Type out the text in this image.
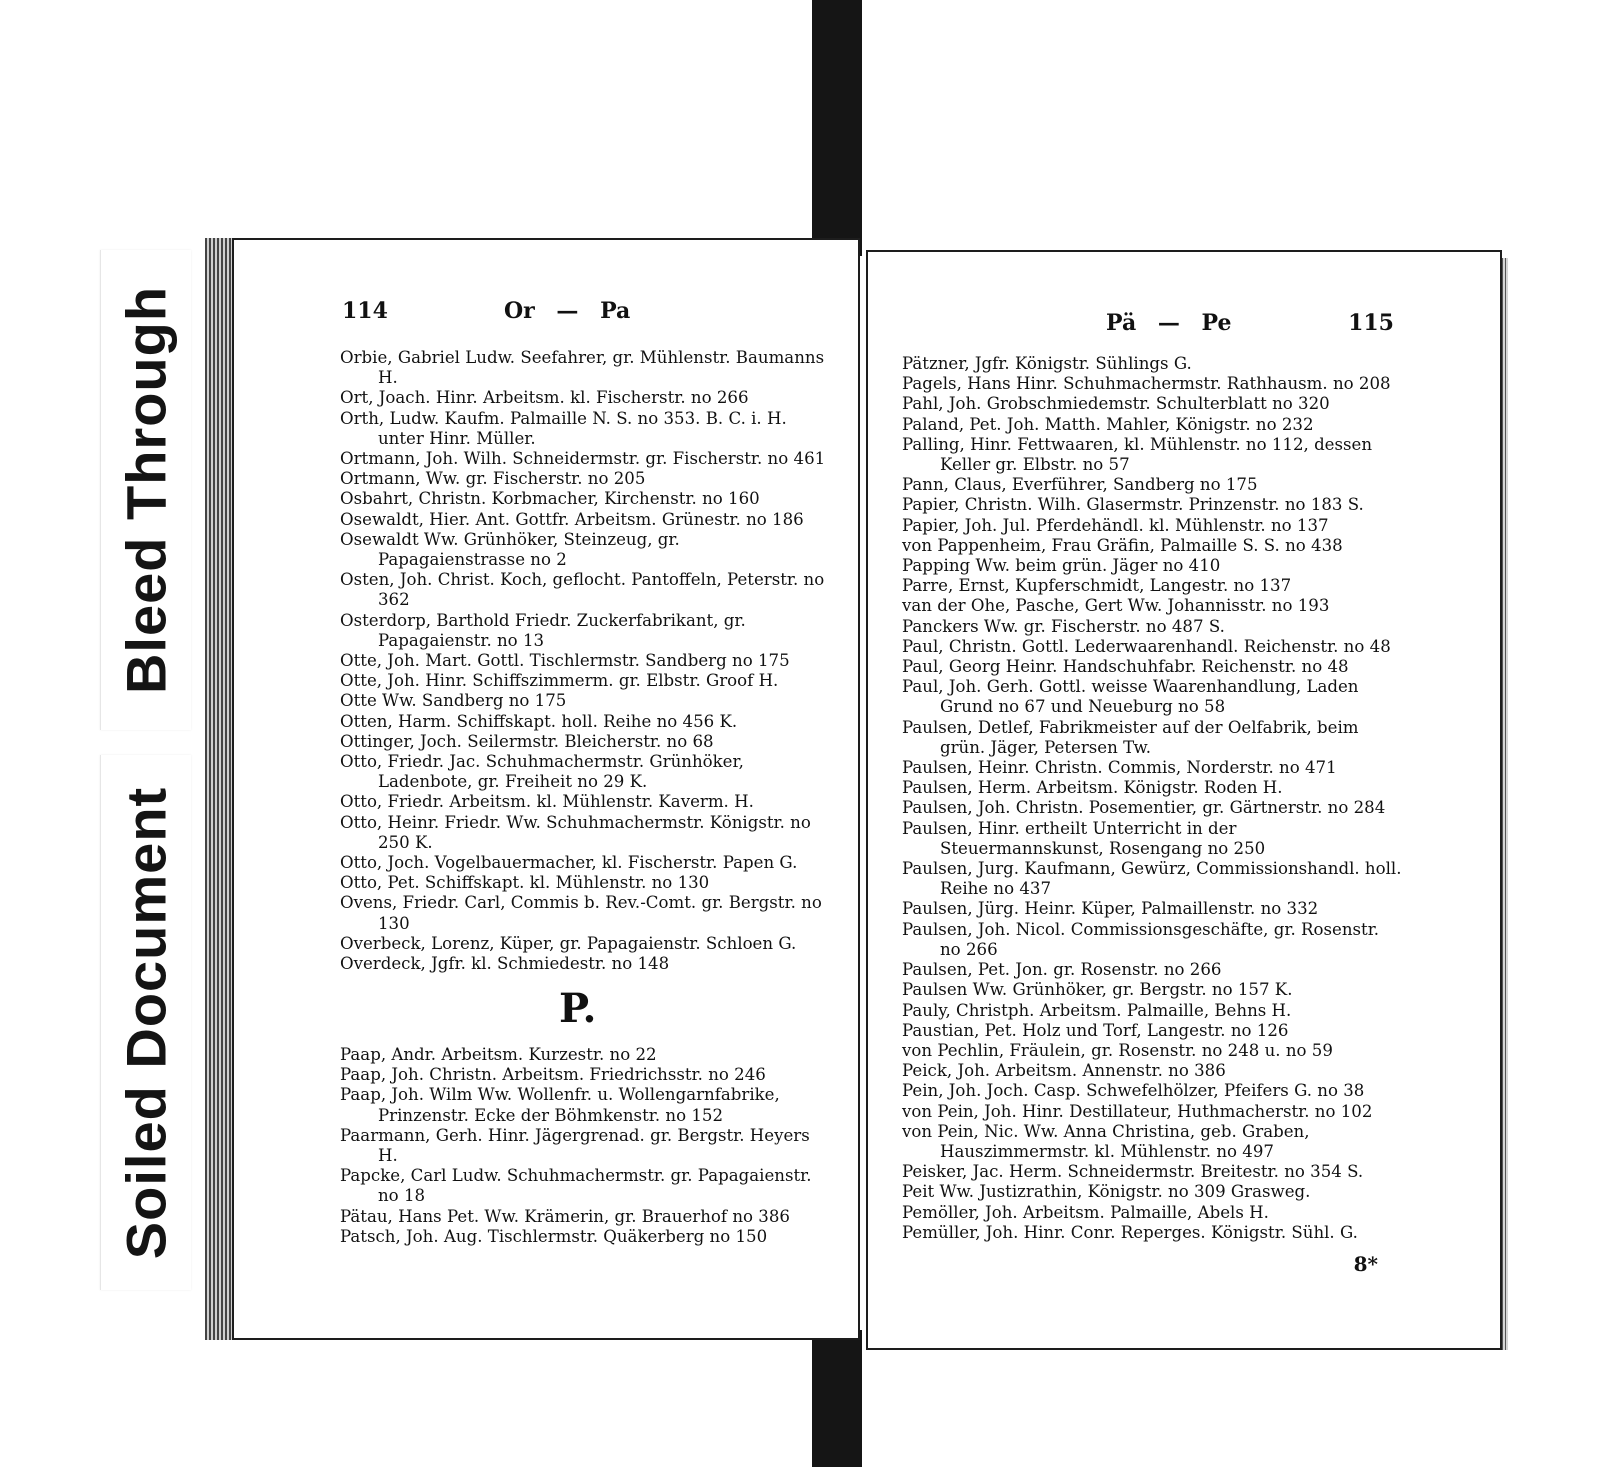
Bleed Through
Soiled Document
114	Or — Pa
Orbie, Gabriel Ludw. Seefahrer, gr. Mühlenstr. Baumanns H.
Ort, Joach. Hinr. Arbeitsm. kl. Fischerstr. no 266
Orth, Ludw. Kaufm. Palmaille N. S. no 353. B. C. i. H. unter Hinr. Müller.
Ortmann, Joh. Wilh. Schneidermstr. gr. Fischerstr. no 461
Ortmann, Ww. gr. Fischerstr. no 205
Osbahrt, Christn. Korbmacher, Kirchenstr. no 160
Osewaldt, Hier. Ant. Gottfr. Arbeitsm. Grünestr. no 186
Osewaldt Ww. Grünhöker, Steinzeug, gr. Papagaienstrasse no 2
Osten, Joh. Christ. Koch, geflocht. Pantoffeln, Peterstr. no 362
Osterdorp, Barthold Friedr. Zuckerfabrikant, gr. Papagaienstr. no 13
Otte, Joh. Mart. Gottl. Tischlermstr. Sandberg no 175
Otte, Joh. Hinr. Schiffszimmerm. gr. Elbstr. Groof H.
Otte Ww. Sandberg no 175
Otten, Harm. Schiffskapt. holl. Reihe no 456 K.
Ottinger, Joch. Seilermstr. Bleicherstr. no 68
Otto, Friedr. Jac. Schuhmachermstr. Grünhöker, Ladenbote, gr. Freiheit no 29 K.
Otto, Friedr. Arbeitsm. kl. Mühlenstr. Kaverm. H.
Otto, Heinr. Friedr. Ww. Schuhmachermstr. Königstr. no 250 K.
Otto, Joch. Vogelbauermacher, kl. Fischerstr. Papen G.
Otto, Pet. Schiffskapt. kl. Mühlenstr. no 130
Ovens, Friedr. Carl, Commis b. Rev.-Comt. gr. Bergstr. no 130
Overbeck, Lorenz, Küper, gr. Papagaienstr. Schloen G.
Overdeck, Jgfr. kl. Schmiedestr. no 148
P.
Paap, Andr. Arbeitsm. Kurzestr. no 22
Paap, Joh. Christn. Arbeitsm. Friedrichsstr. no 246
Paap, Joh. Wilm Ww. Wollenfr. u. Wollengarnfabrike, Prinzenstr. Ecke der Böhmkenstr. no 152
Paarmann, Gerh. Hinr. Jägergrenad. gr. Bergstr. Heyers H.
Papcke, Carl Ludw. Schuhmachermstr. gr. Papagaienstr. no 18
Pätau, Hans Pet. Ww. Krämerin, gr. Brauerhof no 386
Patsch, Joh. Aug. Tischlermstr. Quäkerberg no 150
Pä — Pe	115
Pätzner, Jgfr. Königstr. Sühlings G.
Pagels, Hans Hinr. Schuhmachermstr. Rathhausm. no 208
Pahl, Joh. Grobschmiedemstr. Schulterblatt no 320
Paland, Pet. Joh. Matth. Mahler, Königstr. no 232
Palling, Hinr. Fettwaaren, kl. Mühlenstr. no 112, dessen Keller gr. Elbstr. no 57
Pann, Claus, Everführer, Sandberg no 175
Papier, Christn. Wilh. Glasermstr. Prinzenstr. no 183 S.
Papier, Joh. Jul. Pferdehändl. kl. Mühlenstr. no 137
von Pappenheim, Frau Gräfin, Palmaille S. S. no 438
Papping Ww. beim grün. Jäger no 410
Parre, Ernst, Kupferschmidt, Langestr. no 137
van der Ohe, Pasche, Gert Ww. Johannisstr. no 193
Panckers Ww. gr. Fischerstr. no 487 S.
Paul, Christn. Gottl. Lederwaarenhandl. Reichenstr. no 48
Paul, Georg Heinr. Handschuhfabr. Reichenstr. no 48
Paul, Joh. Gerh. Gottl. weisse Waarenhandlung, Laden Grund no 67 und Neueburg no 58
Paulsen, Detlef, Fabrikmeister auf der Oelfabrik, beim grün. Jäger, Petersen Tw.
Paulsen, Heinr. Christn. Commis, Norderstr. no 471
Paulsen, Herm. Arbeitsm. Königstr. Roden H.
Paulsen, Joh. Christn. Posementier, gr. Gärtnerstr. no 284
Paulsen, Hinr. ertheilt Unterricht in der Steuermannskunst, Rosengang no 250
Paulsen, Jurg. Kaufmann, Gewürz, Commissionshandl. holl. Reihe no 437
Paulsen, Jürg. Heinr. Küper, Palmaillenstr. no 332
Paulsen, Joh. Nicol. Commissionsgeschäfte, gr. Rosenstr. no 266
Paulsen, Pet. Jon. gr. Rosenstr. no 266
Paulsen Ww. Grünhöker, gr. Bergstr. no 157 K.
Pauly, Christph. Arbeitsm. Palmaille, Behns H.
Paustian, Pet. Holz und Torf, Langestr. no 126
von Pechlin, Fräulein, gr. Rosenstr. no 248 u. no 59
Peick, Joh. Arbeitsm. Annenstr. no 386
Pein, Joh. Joch. Casp. Schwefelhölzer, Pfeifers G. no 38
von Pein, Joh. Hinr. Destillateur, Huthmacherstr. no 102
von Pein, Nic. Ww. Anna Christina, geb. Graben, Hauszimmermstr. kl. Mühlenstr. no 497
Peisker, Jac. Herm. Schneidermstr. Breitestr. no 354 S.
Peit Ww. Justizrathin, Königstr. no 309 Grasweg.
Pemöller, Joh. Arbeitsm. Palmaille, Abels H.
Pemüller, Joh. Hinr. Conr. Reperges. Königstr. Sühl. G.
8*
